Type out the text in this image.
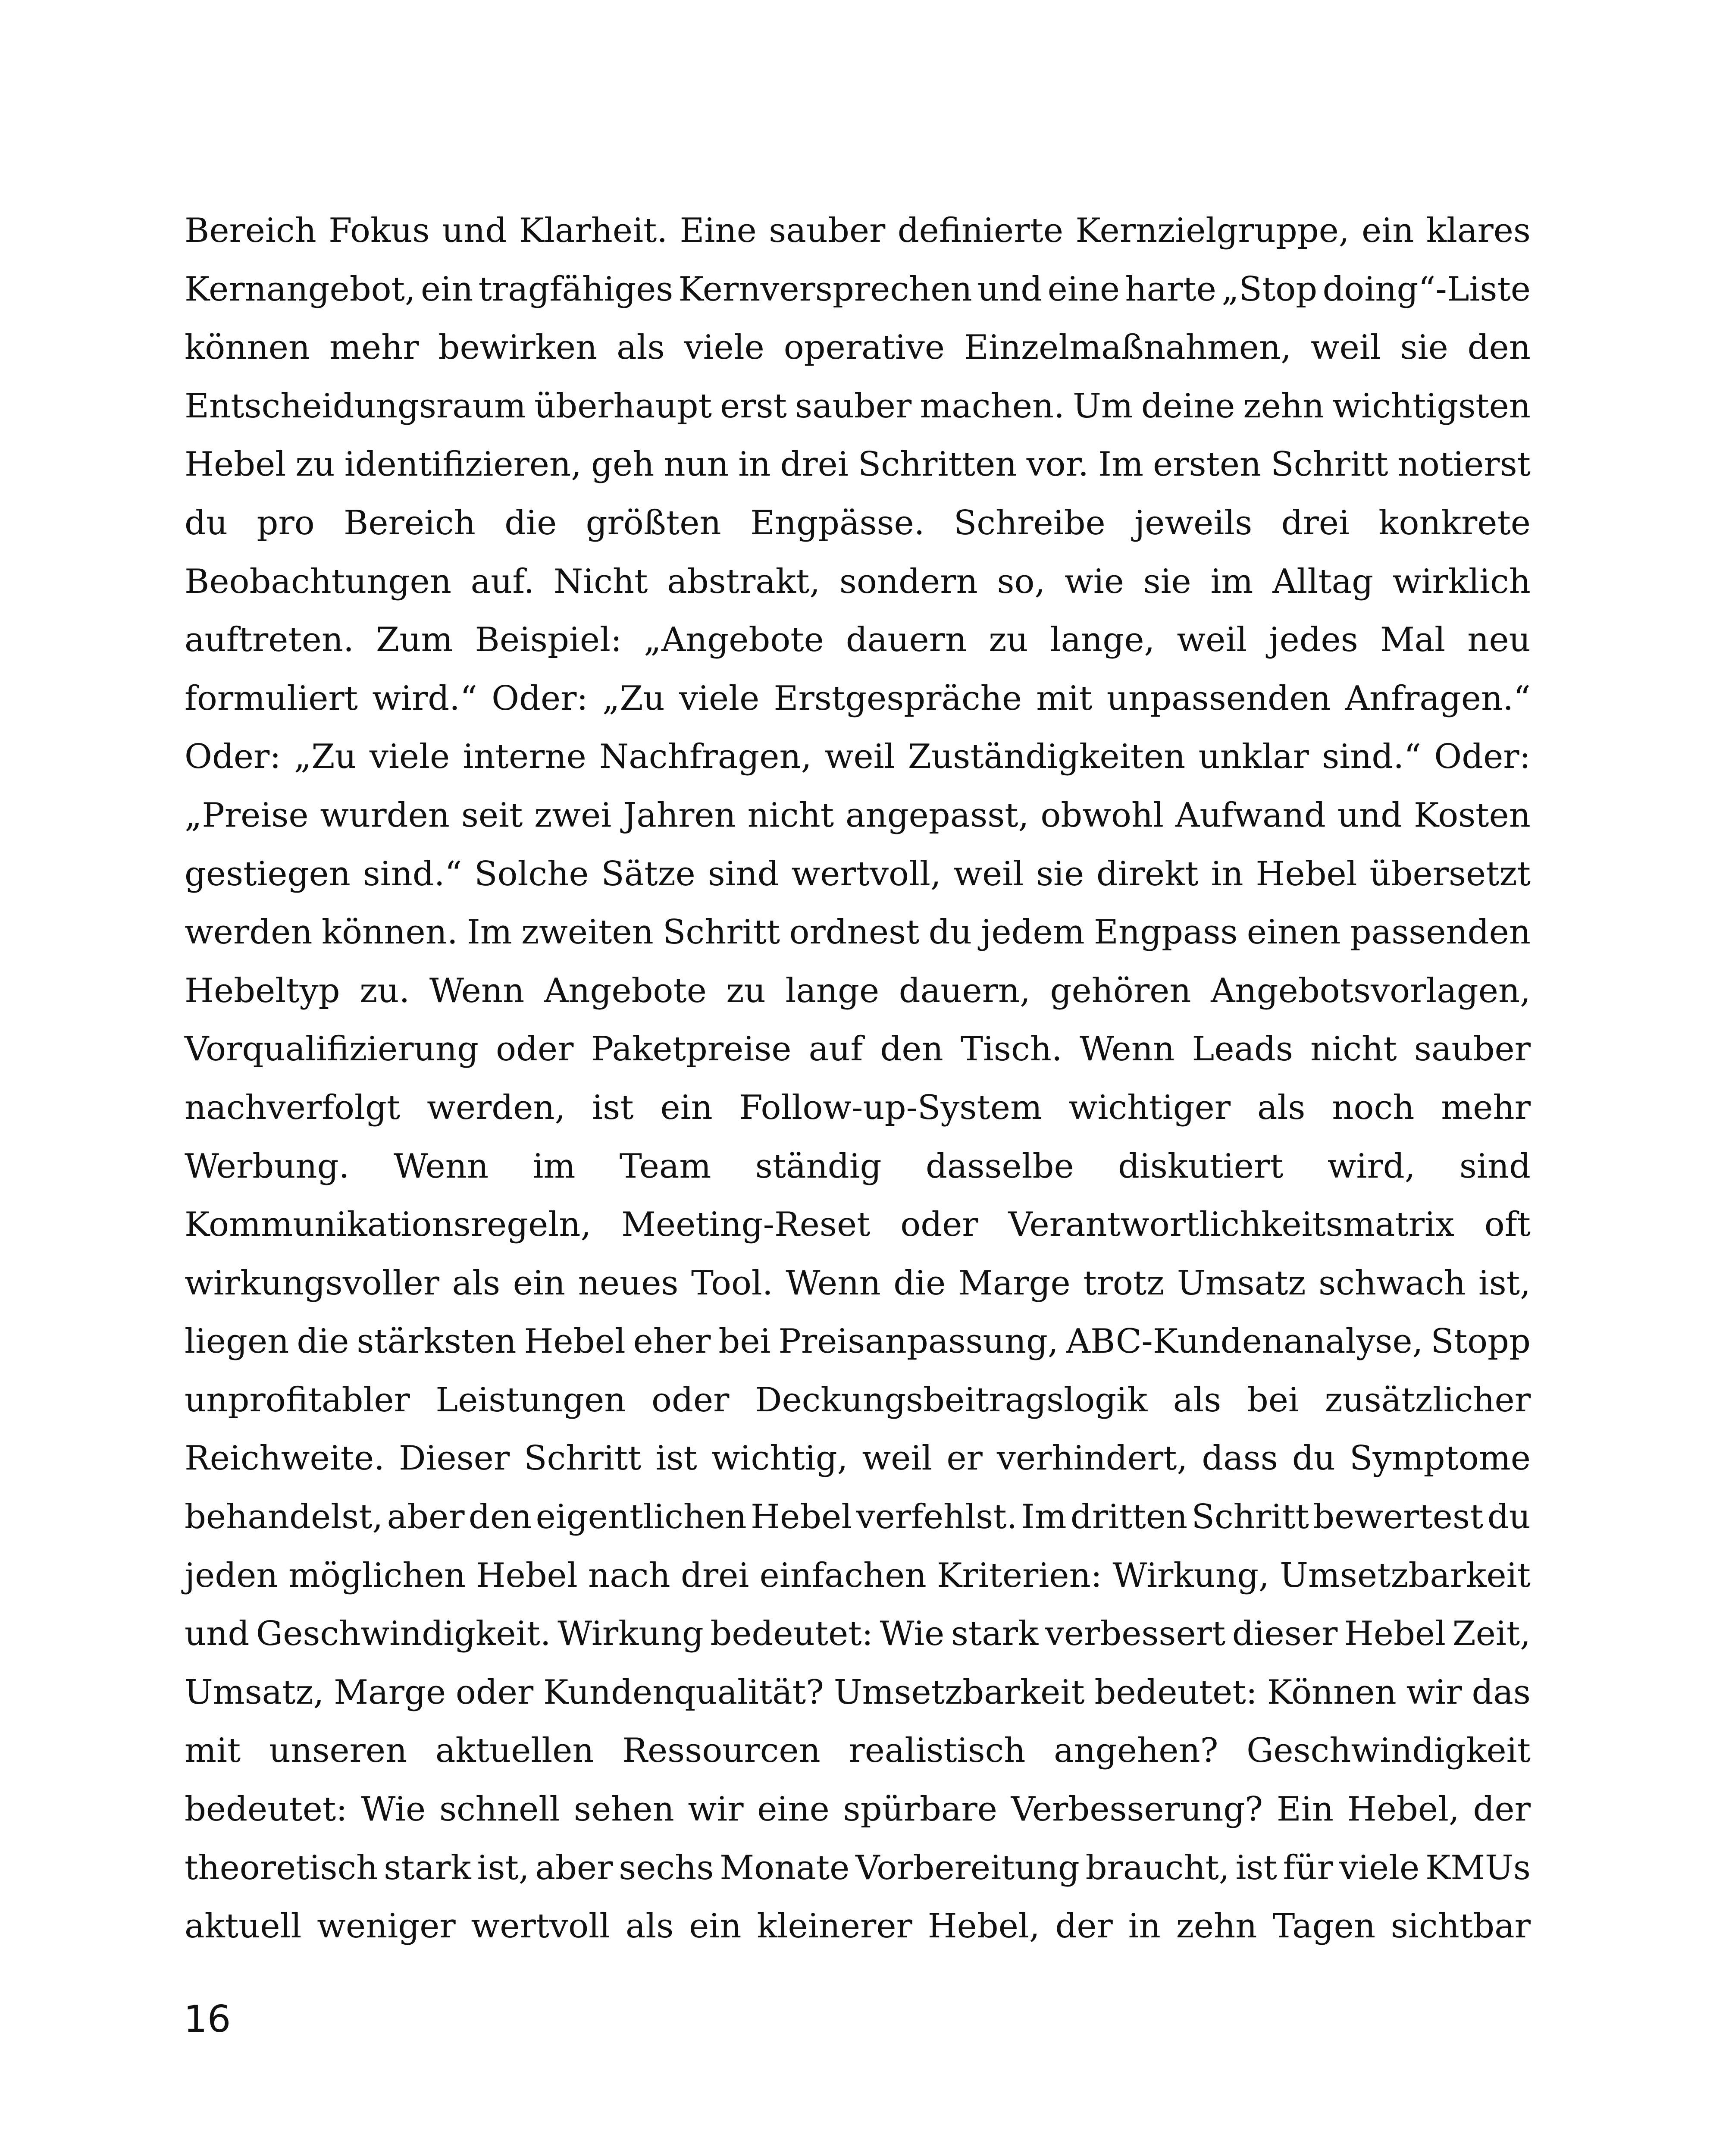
Bereich Fokus und Klarheit. Eine sauber definierte Kernzielgruppe, ein klares
Kernangebot, ein tragfähiges Kernversprechen und eine harte „Stop doing“-Liste
können mehr bewirken als viele operative Einzelmaßnahmen, weil sie den
Entscheidungsraum überhaupt erst sauber machen. Um deine zehn wichtigsten
Hebel zu identifizieren, geh nun in drei Schritten vor. Im ersten Schritt notierst
du pro Bereich die größten Engpässe. Schreibe jeweils drei konkrete
Beobachtungen auf. Nicht abstrakt, sondern so, wie sie im Alltag wirklich
auftreten. Zum Beispiel: „Angebote dauern zu lange, weil jedes Mal neu
formuliert wird.“ Oder: „Zu viele Erstgespräche mit unpassenden Anfragen.“
Oder: „Zu viele interne Nachfragen, weil Zuständigkeiten unklar sind.“ Oder:
„Preise wurden seit zwei Jahren nicht angepasst, obwohl Aufwand und Kosten
gestiegen sind.“ Solche Sätze sind wertvoll, weil sie direkt in Hebel übersetzt
werden können. Im zweiten Schritt ordnest du jedem Engpass einen passenden
Hebeltyp zu. Wenn Angebote zu lange dauern, gehören Angebotsvorlagen,
Vorqualifizierung oder Paketpreise auf den Tisch. Wenn Leads nicht sauber
nachverfolgt werden, ist ein Follow-up-System wichtiger als noch mehr
Werbung. Wenn im Team ständig dasselbe diskutiert wird, sind
Kommunikationsregeln, Meeting-Reset oder Verantwortlichkeitsmatrix oft
wirkungsvoller als ein neues Tool. Wenn die Marge trotz Umsatz schwach ist,
liegen die stärksten Hebel eher bei Preisanpassung, ABC-Kundenanalyse, Stopp
unprofitabler Leistungen oder Deckungsbeitragslogik als bei zusätzlicher
Reichweite. Dieser Schritt ist wichtig, weil er verhindert, dass du Symptome
behandelst, aber den eigentlichen Hebel verfehlst. Im dritten Schritt bewertest du
jeden möglichen Hebel nach drei einfachen Kriterien: Wirkung, Umsetzbarkeit
und Geschwindigkeit. Wirkung bedeutet: Wie stark verbessert dieser Hebel Zeit,
Umsatz, Marge oder Kundenqualität? Umsetzbarkeit bedeutet: Können wir das
mit unseren aktuellen Ressourcen realistisch angehen? Geschwindigkeit
bedeutet: Wie schnell sehen wir eine spürbare Verbesserung? Ein Hebel, der
theoretisch stark ist, aber sechs Monate Vorbereitung braucht, ist für viele KMUs
aktuell weniger wertvoll als ein kleinerer Hebel, der in zehn Tagen sichtbar
16
